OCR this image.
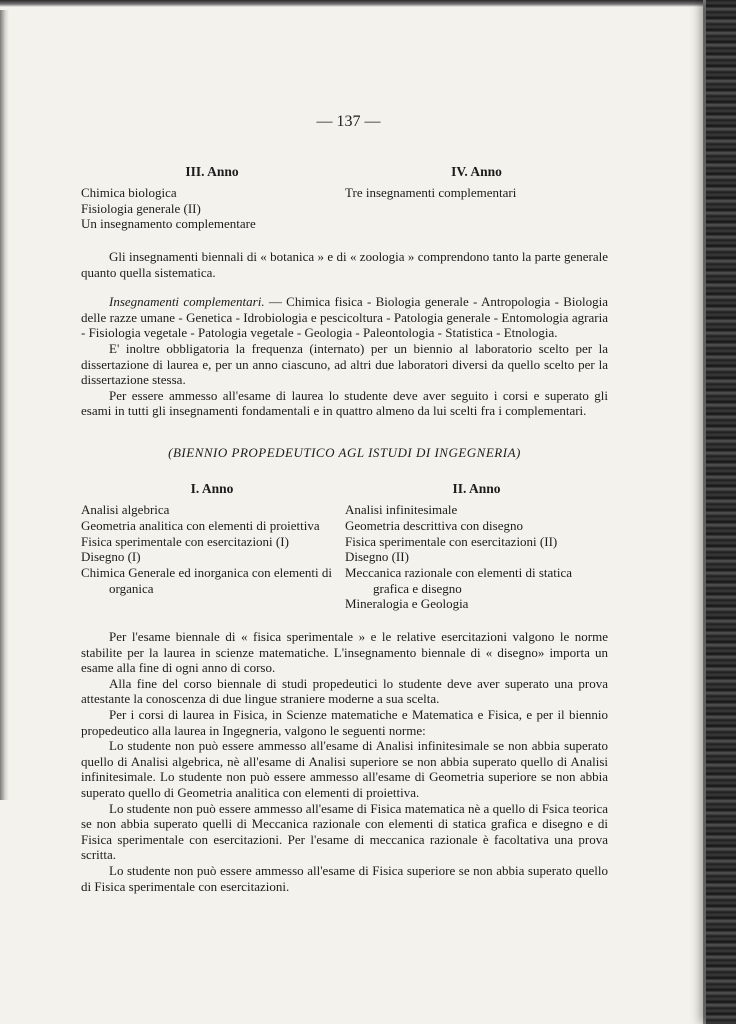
— 137 —
III. Anno
Chimica biologica
Fisiologia generale (II)
Un insegnamento complementare
IV. Anno
Tre insegnamenti complementari

Gli insegnamenti biennali di « botanica » e di « zoologia » comprendono tanto la parte generale quanto quella sistematica.

Insegnamenti complementari. — Chimica fisica - Biologia generale - Antropologia - Biologia delle razze umane - Genetica - Idrobiologia e pescicoltura - Patologia generale - Entomologia agraria - Fisiologia vegetale - Patologia vegetale - Geologia - Paleontologia - Statistica - Etnologia.

E' inoltre obbligatoria la frequenza (internato) per un biennio al laboratorio scelto per la dissertazione di laurea e, per un anno ciascuno, ad altri due laboratori diversi da quello scelto per la dissertazione stessa.

Per essere ammesso all'esame di laurea lo studente deve aver seguito i corsi e superato gli esami in tutti gli insegnamenti fondamentali e in quattro almeno da lui scelti fra i complementari.

(BIENNIO PROPEDEUTICO AGL ISTUDI DI INGEGNERIA)
I. Anno
Analisi algebrica
Geometria analitica con elementi di proiettiva
Fisica sperimentale con esercitazioni (I)
Disegno (I)
Chimica Generale ed inorganica con elementi di organica
II. Anno
Analisi infinitesimale
Geometria descrittiva con disegno
Fisica sperimentale con esercitazioni (II)
Disegno (II)
Meccanica razionale con elementi di statica grafica e disegno
Mineralogia e Geologia

Per l'esame biennale di « fisica sperimentale » e le relative esercitazioni valgono le norme stabilite per la laurea in scienze matematiche. L'insegnamento biennale di « disegno» importa un esame alla fine di ogni anno di corso.

Alla fine del corso biennale di studi propedeutici lo studente deve aver superato una prova attestante la conoscenza di due lingue straniere moderne a sua scelta.

Per i corsi di laurea in Fisica, in Scienze matematiche e Matematica e Fisica, e per il biennio propedeutico alla laurea in Ingegneria, valgono le seguenti norme:

Lo studente non può essere ammesso all'esame di Analisi infinitesimale se non abbia superato quello di Analisi algebrica, nè all'esame di Analisi superiore se non abbia superato quello di Analisi infinitesimale. Lo studente non può essere ammesso all'esame di Geometria superiore se non abbia superato quello di Geometria analitica con elementi di proiettiva.

Lo studente non può essere ammesso all'esame di Fisica matematica nè a quello di Fsica teorica se non abbia superato quelli di Meccanica razionale con elementi di statica grafica e disegno e di Fisica sperimentale con esercitazioni. Per l'esame di meccanica razionale è facoltativa una prova scritta.

Lo studente non può essere ammesso all'esame di Fisica superiore se non abbia superato quello di Fisica sperimentale con esercitazioni.
